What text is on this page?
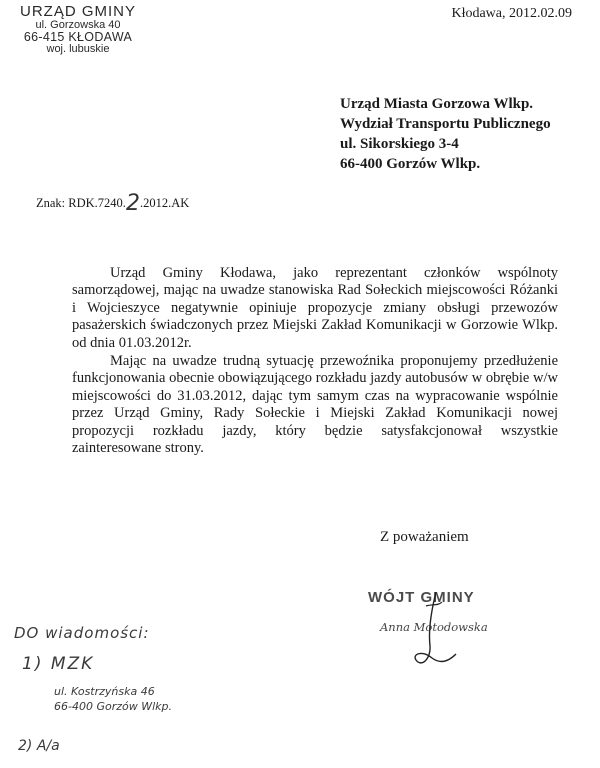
URZĄD GMINY
ul. Gorzowska 40
66-415 KŁODAWA
woj. lubuskie
Kłodawa, 2012.02.09
Urząd Miasta Gorzowa Wlkp.
Wydział Transportu Publicznego
ul. Sikorskiego 3-4
66-400 Gorzów Wlkp.
Znak: RDK.7240.2.2012.AK

Urząd Gminy Kłodawa, jako reprezentant członków wspólnoty samorządowej, mając na uwadze stanowiska Rad Sołeckich miejscowości Różanki i Wojcieszyce negatywnie opiniuje propozycje zmiany obsługi przewozów pasażerskich świadczonych przez Miejski Zakład Komunikacji w Gorzowie Wlkp. od dnia 01.03.2012r.

Mając na uwadze trudną sytuację przewoźnika proponujemy przedłużenie funkcjonowania obecnie obowiązującego rozkładu jazdy autobusów w obrębie w/w miejscowości do 31.03.2012, dając tym samym czas na wypracowanie wspólnie przez Urząd Gminy, Rady Sołeckie i Miejski Zakład Komunikacji nowej propozycji rozkładu jazdy, który będzie satysfakcjonował wszystkie zainteresowane strony.

Z poważaniem
WÓJT GMINY
Anna Motodowska
DO wiadomości:
1) MZK
ul. Kostrzyńska 46
66-400 Gorzów Wlkp.
2) A/a
